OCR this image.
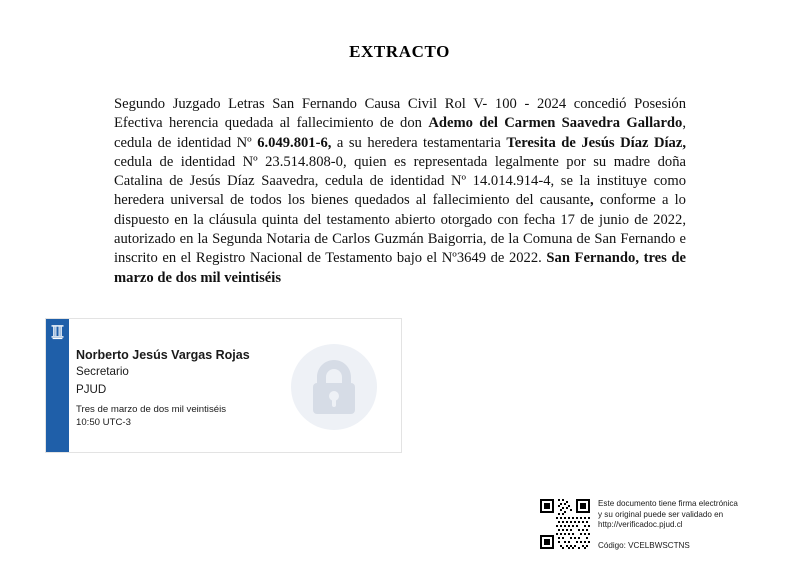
EXTRACTO
Segundo Juzgado Letras San Fernando Causa Civil Rol V- 100 - 2024 concedió Posesión Efectiva herencia quedada al fallecimiento de don Ademo del Carmen Saavedra Gallardo, cedula de identidad Nº 6.049.801-6, a su heredera testamentaria Teresita de Jesús Díaz Díaz, cedula de identidad Nº 23.514.808-0, quien es representada legalmente por su madre doña Catalina de Jesús Díaz Saavedra, cedula de identidad Nº 14.014.914-4, se la instituye como heredera universal de todos los bienes quedados al fallecimiento del causante, conforme a lo dispuesto en la cláusula quinta del testamento abierto otorgado con fecha 17 de junio de 2022, autorizado en la Segunda Notaria de Carlos Guzmán Baigorria, de la Comuna de San Fernando e inscrito en el Registro Nacional de Testamento bajo el Nº3649 de 2022. San Fernando, tres de marzo de dos mil veintiséis
Norberto Jesús Vargas Rojas
Secretario
PJUD
Tres de marzo de dos mil veintiséis
10:50 UTC-3
Este documento tiene firma electrónica
y su original puede ser validado en
http://verificadoc.pjud.cl
Código: VCELBWSCTNS
